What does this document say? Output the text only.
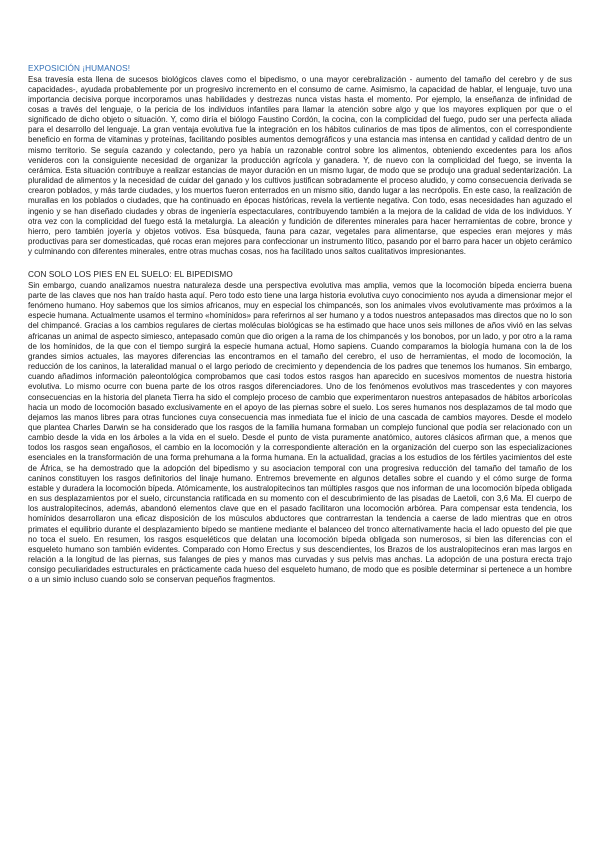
EXPOSICIÓN ¡HUMANOS!

Esa travesía esta llena de sucesos biológicos claves como el bipedismo, o una mayor cerebralización - aumento del tamaño del cerebro y de sus capacidades-, ayudada probablemente por un progresivo incremento en el consumo de carne. Asimismo, la capacidad de hablar, el lenguaje, tuvo una importancia decisiva porque incorporamos unas habilidades y destrezas nunca vistas hasta el momento. Por ejemplo, la enseñanza de infinidad de cosas a través del lenguaje, o la pericia de los individuos infantiles para llamar la atención sobre algo y que los mayores expliquen por que o el significado de dicho objeto o situación. Y, como diría el biólogo Faustino Cordón, la cocina, con la complicidad del fuego, pudo ser una perfecta aliada para el desarrollo del lenguaje. La gran ventaja evolutiva fue la integración en los hábitos culinarios de mas tipos de alimentos, con el correspondiente beneficio en forma de vitaminas y proteínas, facilitando posibles aumentos demográficos y una estancia mas intensa en cantidad y calidad dentro de un mismo territorio. Se seguía cazando y colectando, pero ya había un razonable control sobre los alimentos, obteniendo excedentes para los años venideros con la consiguiente necesidad de organizar la producción agrícola y ganadera. Y, de nuevo con la complicidad del fuego, se inventa la cerámica. Esta situación contribuye a realizar estancias de mayor duración en un mismo lugar, de modo que se produjo una gradual sedentarización. La pluralidad de alimentos y la necesidad de cuidar del ganado y los cultivos justifican sobradamente el proceso aludido, y como consecuencia derivada se crearon poblados, y más tarde ciudades, y los muertos fueron enterrados en un mismo sitio, dando lugar a las necrópolis. En este caso, la realización de murallas en los poblados o ciudades, que ha continuado en épocas históricas, revela la vertiente negativa. Con todo, esas necesidades han aguzado el ingenio y se han diseñado ciudades y obras de ingeniería espectaculares, contribuyendo también a la mejora de la calidad de vida de los individuos. Y otra vez con la complicidad del fuego está la metalurgia. La aleación y fundición de diferentes minerales para hacer herramientas de cobre, bronce y hierro, pero también joyería y objetos votivos. Esa búsqueda, fauna para cazar, vegetales para alimentarse, que especies eran mejores y más productivas para ser domesticadas, qué rocas eran mejores para confeccionar un instrumento lítico, pasando por el barro para hacer un objeto cerámico y culminando con diferentes minerales, entre otras muchas cosas, nos ha facilitado unos saltos cualitativos impresionantes.

CON SOLO LOS PIES EN EL SUELO: EL BIPEDISMO

Sin embargo, cuando analizamos nuestra naturaleza desde una perspectiva evolutiva mas amplia, vemos que la locomoción bípeda encierra buena parte de las claves que nos han traído hasta aquí. Pero todo esto tiene una larga historia evolutiva cuyo conocimiento nos ayuda a dimensionar mejor el fenómeno humano. Hoy sabemos que los simios africanos, muy en especial los chimpancés, son los animales vivos evolutivamente mas próximos a la especie humana. Actualmente usamos el termino «homínidos» para referirnos al ser humano y a todos nuestros antepasados mas directos que no lo son del chimpancé. Gracias a los cambios regulares de ciertas moléculas biológicas se ha estimado que hace unos seis millones de años vivió en las selvas africanas un animal de aspecto simiesco, antepasado común que dio origen a la rama de los chimpancés y los bonobos, por un lado, y por otro a la rama de los homínidos, de la que con el tiempo surgirá la especie humana actual, Homo sapiens. Cuando comparamos la biología humana con la de los grandes simios actuales, las mayores diferencias las encontramos en el tamaño del cerebro, el uso de herramientas, el modo de locomoción, la reducción de los caninos, la lateralidad manual o el largo periodo de crecimiento y dependencia de los padres que tenemos los humanos. Sin embargo, cuando añadimos información paleontológica comprobamos que casi todos estos rasgos han aparecido en sucesivos momentos de nuestra historia evolutiva. Lo mismo ocurre con buena parte de los otros rasgos diferenciadores. Uno de los fenómenos evolutivos mas trascedentes y con mayores consecuencias en la historia del planeta Tierra ha sido el complejo proceso de cambio que experimentaron nuestros antepasados de hábitos arborícolas hacia un modo de locomoción basado exclusivamente en el apoyo de las piernas sobre el suelo. Los seres humanos nos desplazamos de tal modo que dejamos las manos libres para otras funciones cuya consecuencia mas inmediata fue el inicio de una cascada de cambios mayores. Desde el modelo que plantea Charles Darwin se ha considerado que los rasgos de la familia humana formaban un complejo funcional que podía ser relacionado con un cambio desde la vida en los árboles a la vida en el suelo. Desde el punto de vista puramente anatómico, autores clásicos afirman que, a menos que todos los rasgos sean engañosos, el cambio en la locomoción y la correspondiente alteración en la organización del cuerpo son las especializaciones esenciales en la transformación de una forma prehumana a la forma humana. En la actualidad, gracias a los estudios de los fértiles yacimientos del este de África, se ha demostrado que la adopción del bipedismo y su asociacion temporal con una progresiva reducción del tamaño del tamaño de los caninos constituyen los rasgos definitorios del linaje humano. Entremos brevemente en algunos detalles sobre el cuando y el cómo surge de forma estable y duradera la locomoción bípeda. Atómicamente, los australopitecinos tan múltiples rasgos que nos informan de una locomoción bípeda obligada en sus desplazamientos por el suelo, circunstancia ratificada en su momento con el descubrimiento de las pisadas de Laetoli, con 3,6 Ma. El cuerpo de los australopitecinos, además, abandonó elementos clave que en el pasado facilitaron una locomoción arbórea. Para compensar esta tendencia, los homínidos desarrollaron una eficaz disposición de los músculos abductores que contrarrestan la tendencia a caerse de lado mientras que en otros primates el equilibrio durante el desplazamiento bípedo se mantiene mediante el balanceo del tronco alternativamente hacia el lado opuesto del pie que no toca el suelo. En resumen, los rasgos esqueléticos que delatan una locomoción bípeda obligada son numerosos, si bien las diferencias con el esqueleto humano son también evidentes. Comparado con Homo Erectus y sus descendientes, los Brazos de los australopitecinos eran mas largos en relación a la longitud de las piernas, sus falanges de pies y manos mas curvadas y sus pelvis mas anchas. La adopción de una postura erecta trajo consigo peculiaridades estructurales en prácticamente cada hueso del esqueleto humano, de modo que es posible determinar si pertenece a un hombre o a un simio incluso cuando solo se conservan pequeños fragmentos.
